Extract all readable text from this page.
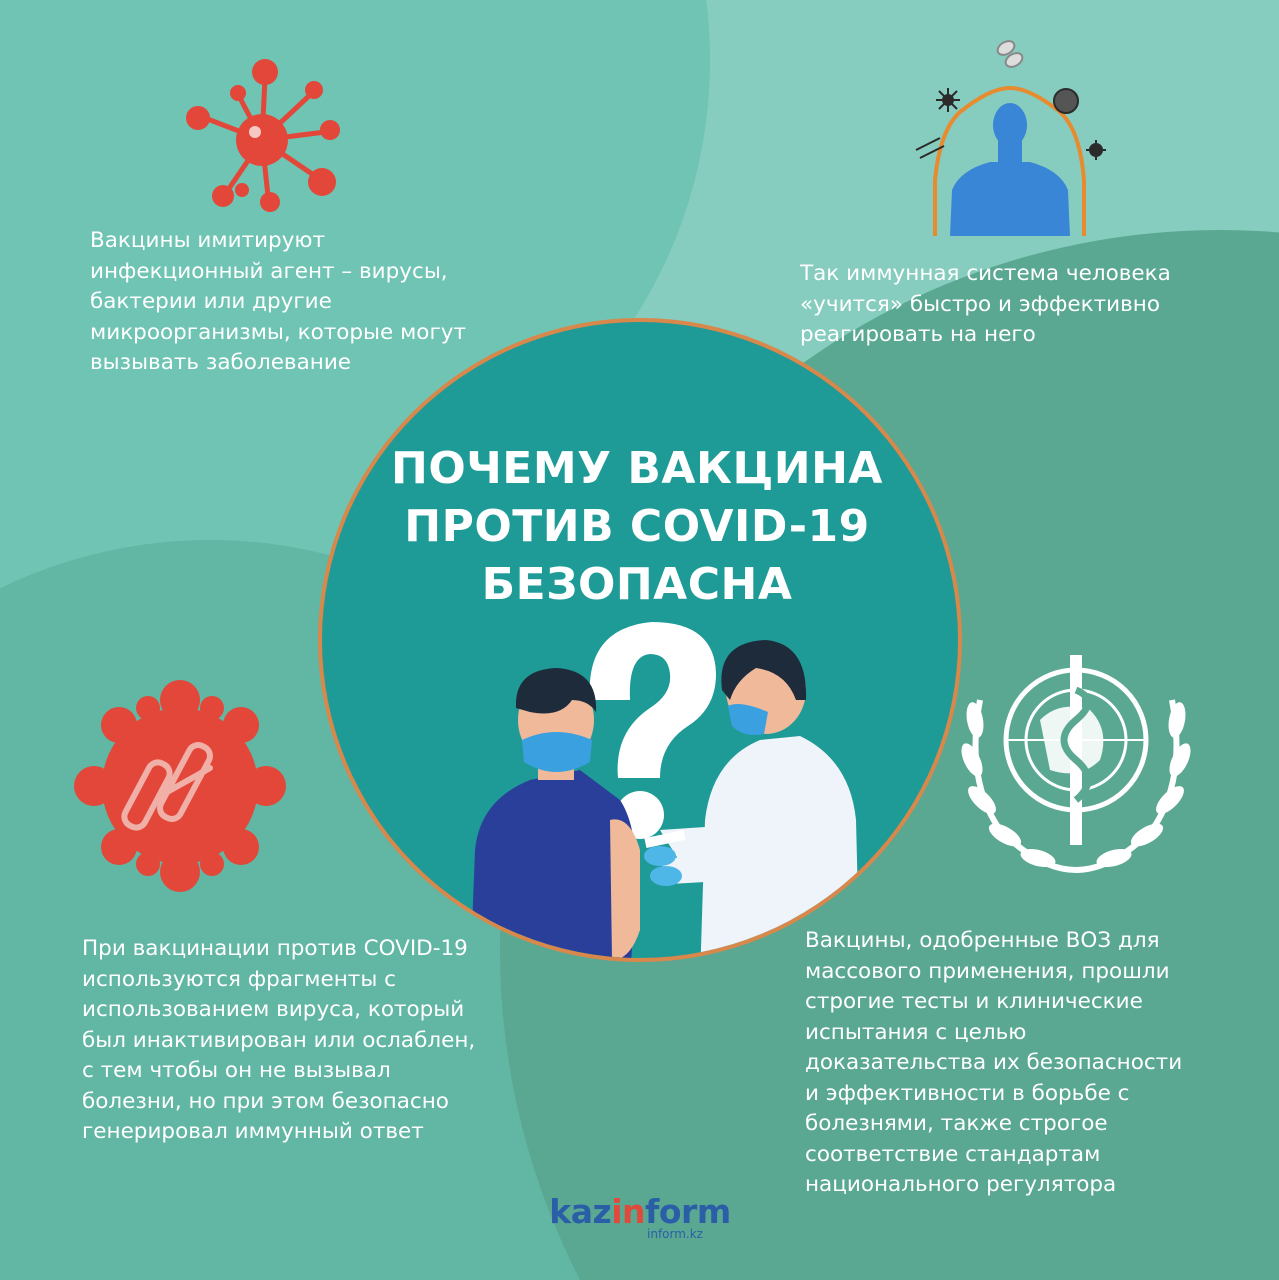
ПОЧЕМУ ВАКЦИНА
ПРОТИВ COVID-19
БЕЗОПАСНА
Вакцины имитируют
инфекционный агент – вирусы,
бактерии или другие
микроорганизмы, которые могут
вызывать заболевание
Так иммунная система человека
«учится» быстро и эффективно
реагировать на него
При вакцинации против COVID-19
используются фрагменты с
использованием вируса, который
был инактивирован или ослаблен,
с тем чтобы он не вызывал
болезни, но при этом безопасно
генерировал иммунный ответ
Вакцины, одобренные ВОЗ для
массового применения, прошли
строгие тесты и клинические
испытания с целью
доказательства их безопасности
и эффективности в борьбе с
болезнями, также строгое
соответствие стандартам
национального регулятора
kazinform
inform.kz
